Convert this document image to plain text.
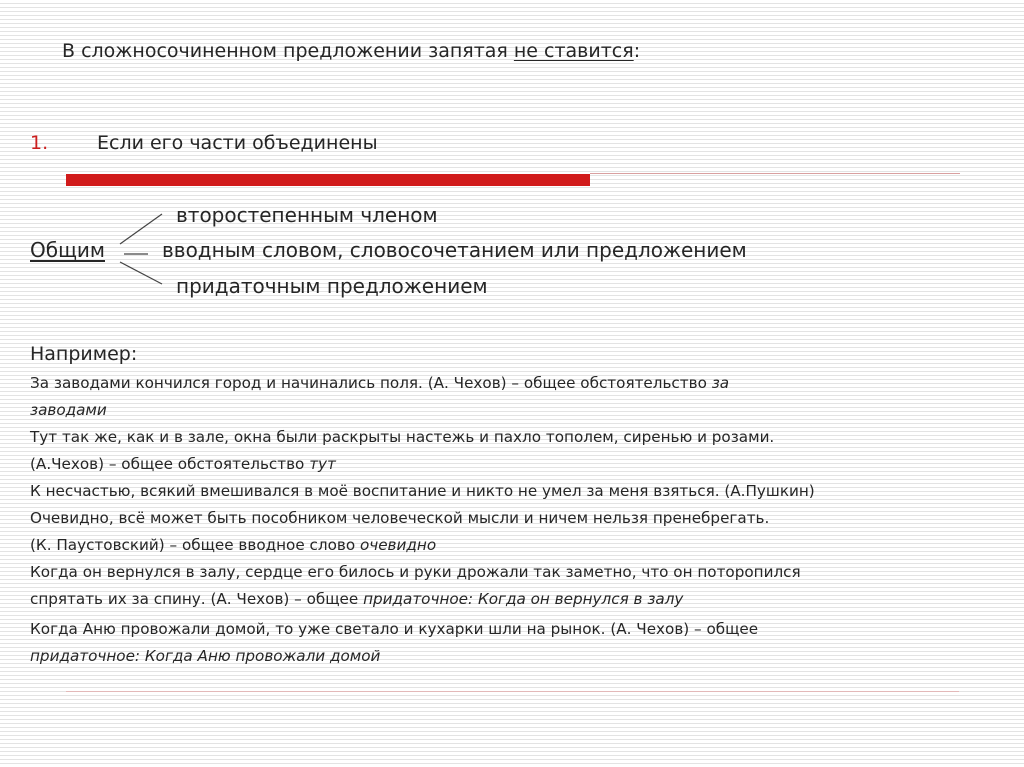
В сложносочиненном предложении запятая не ставится:
1.	Если его части объединены
Общим
второстепенным членом
вводным словом, словосочетанием или предложением
придаточным предложением
Например:
За заводами кончился город и начинались поля. (А. Чехов) – общее обстоятельство за
заводами
Тут так же, как и в зале, окна были раскрыты настежь и пахло тополем, сиренью и розами.
(А.Чехов) – общее обстоятельство тут
К несчастью, всякий вмешивался в моё воспитание и никто не умел за меня взяться. (А.Пушкин)
Очевидно, всё может быть пособником человеческой мысли и ничем нельзя пренебрегать.
(К. Паустовский) – общее вводное слово очевидно
Когда он вернулся в залу, сердце его билось и руки дрожали так заметно, что он поторопился
спрятать их за спину. (А. Чехов) – общее придаточное: Когда он вернулся в залу
Когда Аню провожали домой, то уже светало и кухарки шли на рынок. (А. Чехов) – общее
придаточное: Когда Аню провожали домой
